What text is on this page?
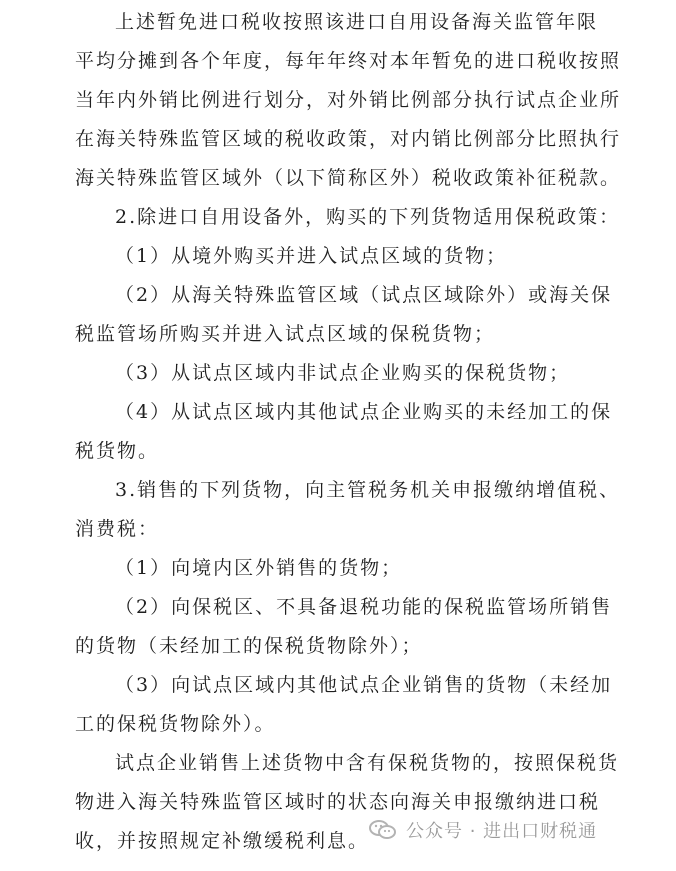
上述暂免进口税收按照该进口自用设备海关监管年限
平均分摊到各个年度，每年年终对本年暂免的进口税收按照
当年内外销比例进行划分，对外销比例部分执行试点企业所
在海关特殊监管区域的税收政策，对内销比例部分比照执行
海关特殊监管区域外（以下简称区外）税收政策补征税款。
2.除进口自用设备外，购买的下列货物适用保税政策：
（1）从境外购买并进入试点区域的货物；
（2）从海关特殊监管区域（试点区域除外）或海关保
税监管场所购买并进入试点区域的保税货物；
（3）从试点区域内非试点企业购买的保税货物；
（4）从试点区域内其他试点企业购买的未经加工的保
税货物。
3.销售的下列货物，向主管税务机关申报缴纳增值税、
消费税：
（1）向境内区外销售的货物；
（2）向保税区、不具备退税功能的保税监管场所销售
的货物（未经加工的保税货物除外）；
（3）向试点区域内其他试点企业销售的货物（未经加
工的保税货物除外）。
试点企业销售上述货物中含有保税货物的，按照保税货
物进入海关特殊监管区域时的状态向海关申报缴纳进口税
收，并按照规定补缴缓税利息。 公众号 · 进出口财税通
